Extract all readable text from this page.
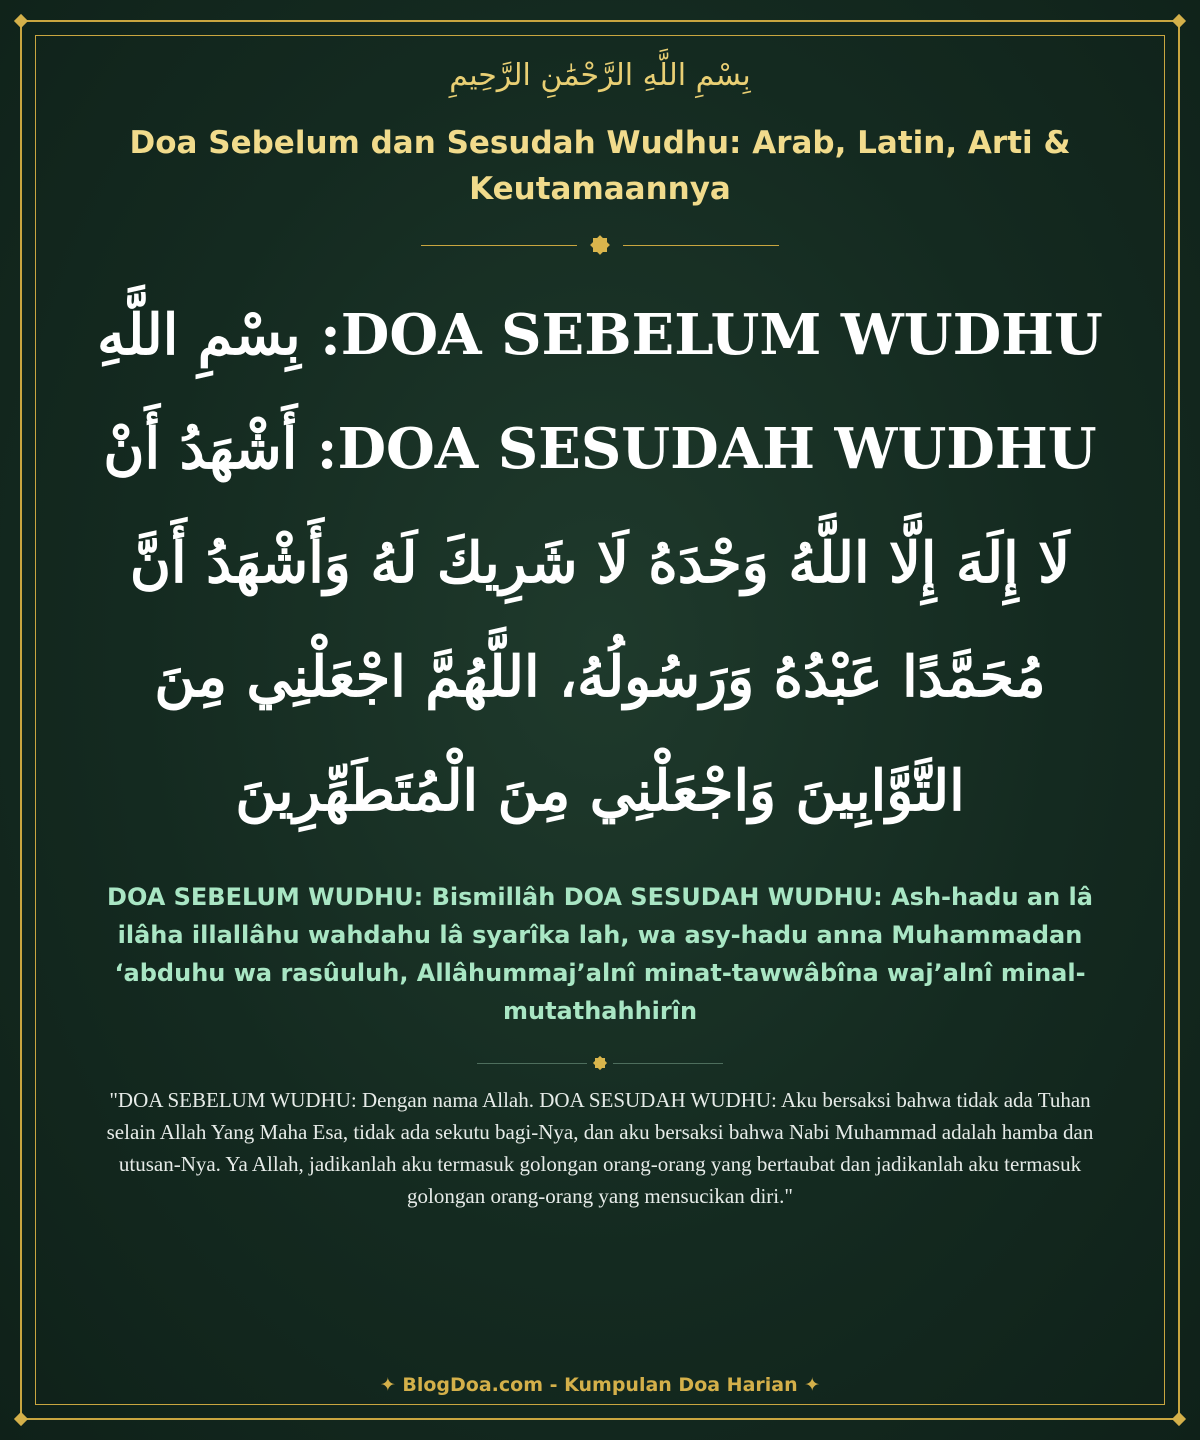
بِسْمِ اللَّهِ الرَّحْمَٰنِ الرَّحِيمِ
Doa Sebelum dan Sesudah Wudhu: Arab, Latin, Arti & Keutamaannya
DOA SEBELUM WUDHU: بِسْمِ اللَّهِ DOA SESUDAH WUDHU: أَشْهَدُ أَنْ لَا إِلَهَ إِلَّا اللَّهُ وَحْدَهُ لَا شَرِيكَ لَهُ وَأَشْهَدُ أَنَّ مُحَمَّدًا عَبْدُهُ وَرَسُولُهُ، اللَّهُمَّ اجْعَلْنِي مِنَ التَّوَّابِينَ وَاجْعَلْنِي مِنَ الْمُتَطَهِّرِينَ
DOA SEBELUM WUDHU: Bismillâh DOA SESUDAH WUDHU: Ash-hadu an lâ ilâha illallâhu wahdahu lâ syarîka lah, wa asy-hadu anna Muhammadan ‘abduhu wa rasûuluh, Allâhummaj’alnî minat-tawwâbîna waj’alnî minal-mutathahhirîn
"DOA SEBELUM WUDHU: Dengan nama Allah. DOA SESUDAH WUDHU: Aku bersaksi bahwa tidak ada Tuhan selain Allah Yang Maha Esa, tidak ada sekutu bagi-Nya, dan aku bersaksi bahwa Nabi Muhammad adalah hamba dan utusan-Nya. Ya Allah, jadikanlah aku termasuk golongan orang-orang yang bertaubat dan jadikanlah aku termasuk golongan orang-orang yang mensucikan diri."
✦ BlogDoa.com - Kumpulan Doa Harian ✦
